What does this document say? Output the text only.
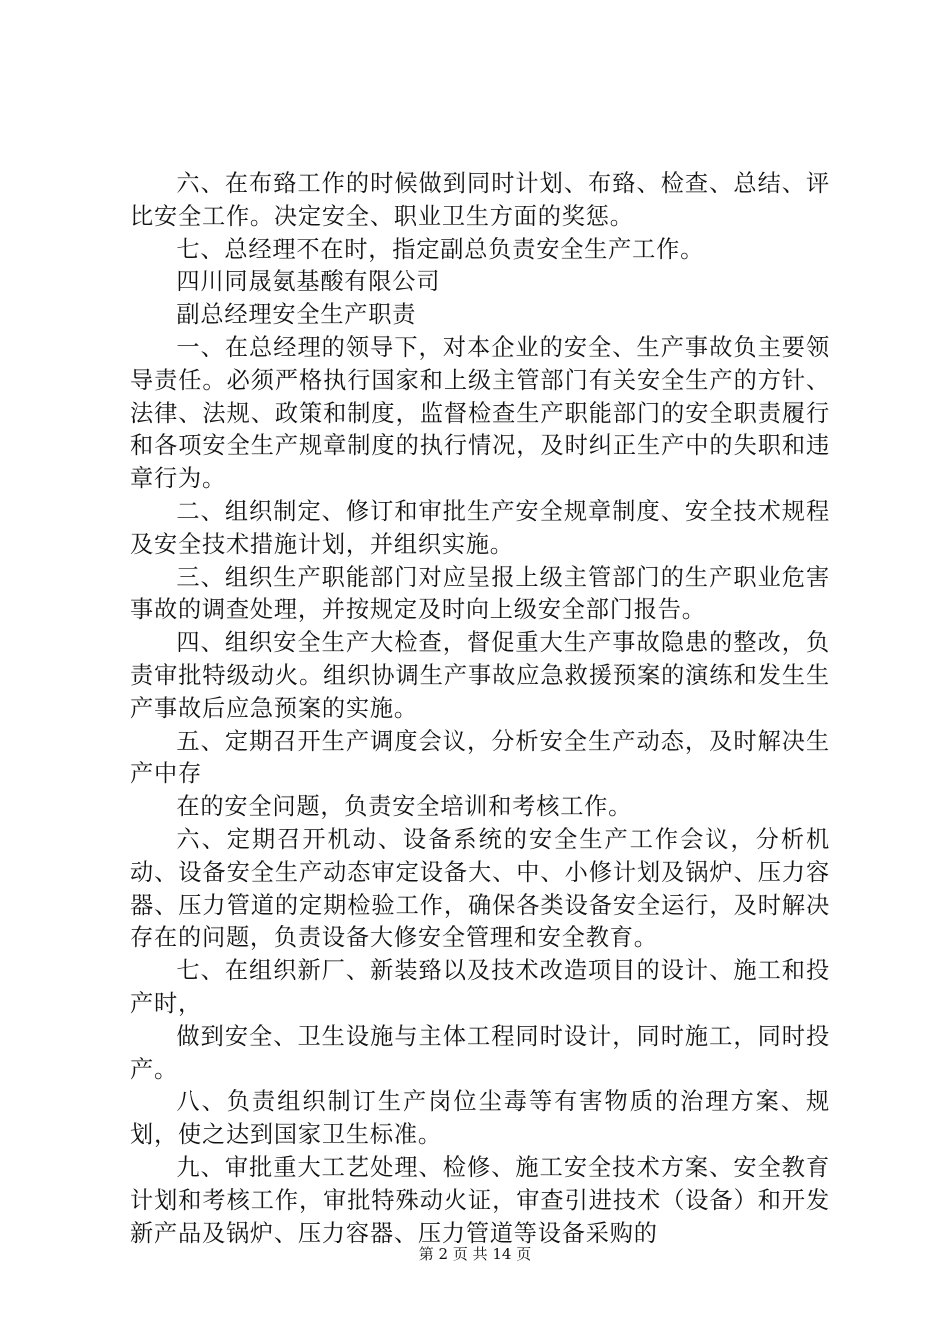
六、在布臵工作的时候做到同时计划、布臵、检查、总结、评比安全工作。决定安全、职业卫生方面的奖惩。

七、总经理不在时，指定副总负责安全生产工作。

四川同晟氨基酸有限公司

副总经理安全生产职责

一、在总经理的领导下，对本企业的安全、生产事故负主要领导责任。必须严格执行国家和上级主管部门有关安全生产的方针、法律、法规、政策和制度，监督检查生产职能部门的安全职责履行和各项安全生产规章制度的执行情况，及时纠正生产中的失职和违章行为。

二、组织制定、修订和审批生产安全规章制度、安全技术规程及安全技术措施计划，并组织实施。

三、组织生产职能部门对应呈报上级主管部门的生产职业危害事故的调查处理，并按规定及时向上级安全部门报告。

四、组织安全生产大检查，督促重大生产事故隐患的整改，负责审批特级动火。组织协调生产事故应急救援预案的演练和发生生产事故后应急预案的实施。

五、定期召开生产调度会议，分析安全生产动态，及时解决生产中存

在的安全问题，负责安全培训和考核工作。

六、定期召开机动、设备系统的安全生产工作会议，分析机动、设备安全生产动态审定设备大、中、小修计划及锅炉、压力容器、压力管道的定期检验工作，确保各类设备安全运行，及时解决存在的问题，负责设备大修安全管理和安全教育。

七、在组织新厂、新装臵以及技术改造项目的设计、施工和投产时，

做到安全、卫生设施与主体工程同时设计，同时施工，同时投产。

八、负责组织制订生产岗位尘毒等有害物质的治理方案、规划，使之达到国家卫生标准。

九、审批重大工艺处理、检修、施工安全技术方案、安全教育计划和考核工作，审批特殊动火证，审查引进技术（设备）和开发新产品及锅炉、压力容器、压力管道等设备采购的

第 2 页 共 14 页
